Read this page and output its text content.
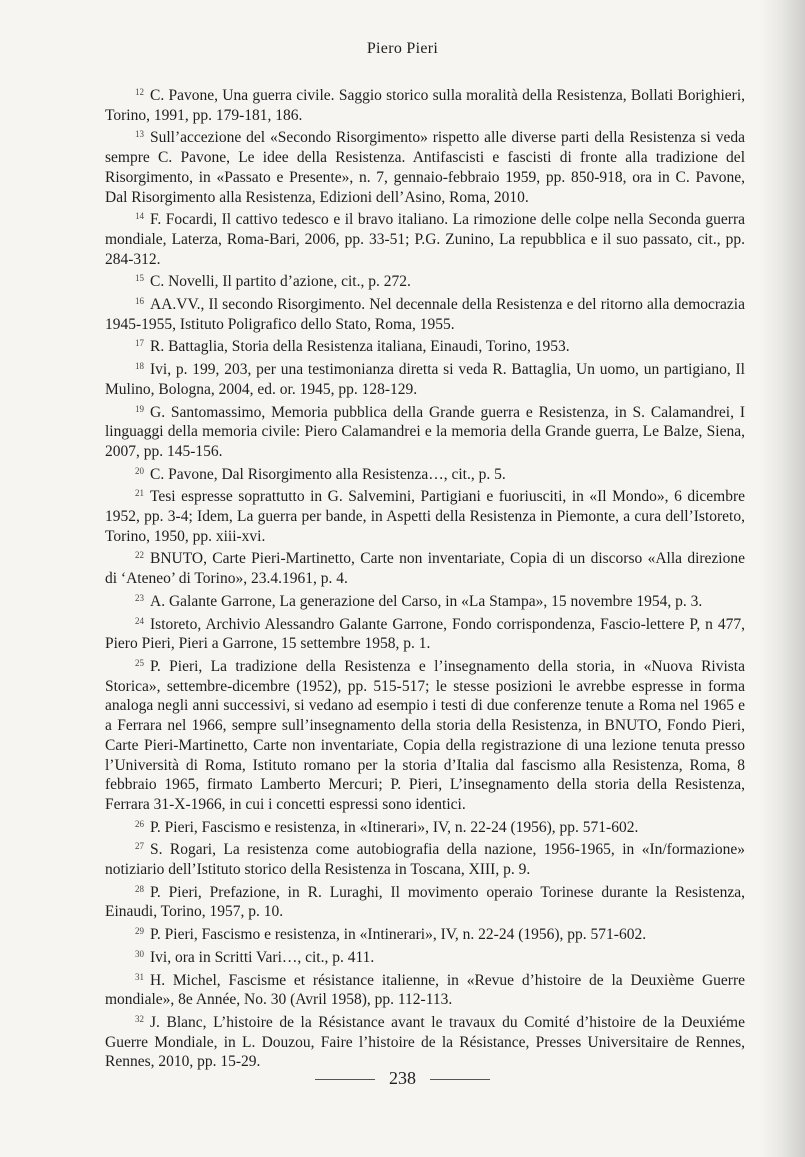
Piero Pieri

$^{12}$ C. Pavone, Una guerra civile. Saggio storico sulla moralità della Resistenza, Bollati Borighieri, Torino, 1991, pp. 179-181, 186.

$^{13}$ Sull’accezione del «Secondo Risorgimento» rispetto alle diverse parti della Resistenza si veda sempre C. Pavone, Le idee della Resistenza. Antifascisti e fascisti di fronte alla tradizione del Risorgimento, in «Passato e Presente», n. 7, gennaio-febbraio 1959, pp. 850-918, ora in C. Pavone, Dal Risorgimento alla Resistenza, Edizioni dell’Asino, Roma, 2010.

$^{14}$ F. Focardi, Il cattivo tedesco e il bravo italiano. La rimozione delle colpe nella Seconda guerra mondiale, Laterza, Roma-Bari, 2006, pp. 33-51; P.G. Zunino, La repubblica e il suo passato, cit., pp. 284-312.

$^{15}$ C. Novelli, Il partito d’azione, cit., p. 272.

$^{16}$ AA.VV., Il secondo Risorgimento. Nel decennale della Resistenza e del ritorno alla democrazia 1945-1955, Istituto Poligrafico dello Stato, Roma, 1955.

$^{17}$ R. Battaglia, Storia della Resistenza italiana, Einaudi, Torino, 1953.

$^{18}$ Ivi, p. 199, 203, per una testimonianza diretta si veda R. Battaglia, Un uomo, un partigiano, Il Mulino, Bologna, 2004, ed. or. 1945, pp. 128-129.

$^{19}$ G. Santomassimo, Memoria pubblica della Grande guerra e Resistenza, in S. Calamandrei, I linguaggi della memoria civile: Piero Calamandrei e la memoria della Grande guerra, Le Balze, Siena, 2007, pp. 145-156.

$^{20}$ C. Pavone, Dal Risorgimento alla Resistenza…, cit., p. 5.

$^{21}$ Tesi espresse soprattutto in G. Salvemini, Partigiani e fuoriusciti, in «Il Mondo», 6 dicembre 1952, pp. 3-4; Idem, La guerra per bande, in Aspetti della Resistenza in Piemonte, a cura dell’Istoreto, Torino, 1950, pp. xiii-xvi.

$^{22}$ BNUTO, Carte Pieri-Martinetto, Carte non inventariate, Copia di un discorso «Alla direzione di ‘Ateneo’ di Torino», 23.4.1961, p. 4.

$^{23}$ A. Galante Garrone, La generazione del Carso, in «La Stampa», 15 novembre 1954, p. 3.

$^{24}$ Istoreto, Archivio Alessandro Galante Garrone, Fondo corrispondenza, Fascio-lettere P, n 477, Piero Pieri, Pieri a Garrone, 15 settembre 1958, p. 1.

$^{25}$ P. Pieri, La tradizione della Resistenza e l’insegnamento della storia, in «Nuova Rivista Storica», settembre-dicembre (1952), pp. 515-517; le stesse posizioni le avrebbe espresse in forma analoga negli anni successivi, si vedano ad esempio i testi di due conferenze tenute a Roma nel 1965 e a Ferrara nel 1966, sempre sull’insegnamento della storia della Resistenza, in BNUTO, Fondo Pieri, Carte Pieri-Martinetto, Carte non inventariate, Copia della registrazione di una lezione tenuta presso l’Università di Roma, Istituto romano per la storia d’Italia dal fascismo alla Resistenza, Roma, 8 febbraio 1965, firmato Lamberto Mercuri; P. Pieri, L’insegnamento della storia della Resistenza, Ferrara 31-X-1966, in cui i concetti espressi sono identici.

$^{26}$ P. Pieri, Fascismo e resistenza, in «Itinerari», IV, n. 22-24 (1956), pp. 571-602.

$^{27}$ S. Rogari, La resistenza come autobiografia della nazione, 1956-1965, in «In/formazione» notiziario dell’Istituto storico della Resistenza in Toscana, XIII, p. 9.

$^{28}$ P. Pieri, Prefazione, in R. Luraghi, Il movimento operaio Torinese durante la Resistenza, Einaudi, Torino, 1957, p. 10.

$^{29}$ P. Pieri, Fascismo e resistenza, in «Intinerari», IV, n. 22-24 (1956), pp. 571-602.

$^{30}$ Ivi, ora in Scritti Vari…, cit., p. 411.

$^{31}$ H. Michel, Fascisme et résistance italienne, in «Revue d’histoire de la Deuxième Guerre mondiale», 8e Année, No. 30 (Avril 1958), pp. 112-113.

$^{32}$ J. Blanc, L’histoire de la Résistance avant le travaux du Comité d’histoire de la Deuxiéme Guerre Mondiale, in L. Douzou, Faire l’histoire de la Résistance, Presses Universitaire de Rennes, Rennes, 2010, pp. 15-29.

238
